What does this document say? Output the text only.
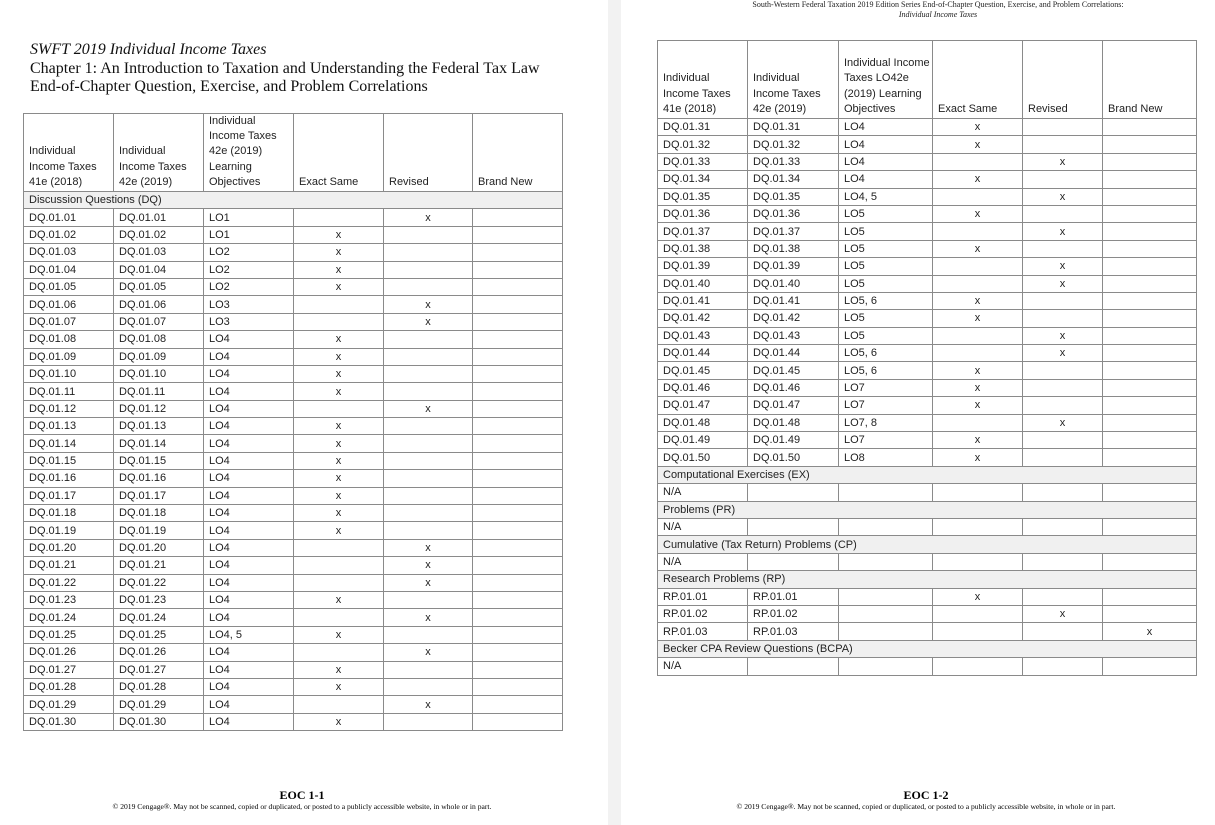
SWFT 2019 Individual Income Taxes
Chapter 1: An Introduction to Taxation and Understanding the Federal Tax Law
End-of-Chapter Question, Exercise, and Problem Correlations
Individual Income Taxes 41e (2018)	Individual Income Taxes 42e (2019)	Individual Income Taxes 42e (2019) Learning Objectives	Exact Same	Revised	Brand New
Discussion Questions (DQ)					
DQ.01.01	DQ.01.01	LO1		x	
DQ.01.02	DQ.01.02	LO1	x		
DQ.01.03	DQ.01.03	LO2	x		
DQ.01.04	DQ.01.04	LO2	x		
DQ.01.05	DQ.01.05	LO2	x		
DQ.01.06	DQ.01.06	LO3		x	
DQ.01.07	DQ.01.07	LO3		x	
DQ.01.08	DQ.01.08	LO4	x		
DQ.01.09	DQ.01.09	LO4	x		
DQ.01.10	DQ.01.10	LO4	x		
DQ.01.11	DQ.01.11	LO4	x		
DQ.01.12	DQ.01.12	LO4		x	
DQ.01.13	DQ.01.13	LO4	x		
DQ.01.14	DQ.01.14	LO4	x		
DQ.01.15	DQ.01.15	LO4	x		
DQ.01.16	DQ.01.16	LO4	x		
DQ.01.17	DQ.01.17	LO4	x		
DQ.01.18	DQ.01.18	LO4	x		
DQ.01.19	DQ.01.19	LO4	x		
DQ.01.20	DQ.01.20	LO4		x	
DQ.01.21	DQ.01.21	LO4		x	
DQ.01.22	DQ.01.22	LO4		x	
DQ.01.23	DQ.01.23	LO4	x		
DQ.01.24	DQ.01.24	LO4		x	
DQ.01.25	DQ.01.25	LO4, 5	x		
DQ.01.26	DQ.01.26	LO4		x	
DQ.01.27	DQ.01.27	LO4	x		
DQ.01.28	DQ.01.28	LO4	x		
DQ.01.29	DQ.01.29	LO4		x	
DQ.01.30	DQ.01.30	LO4	x		
EOC 1-1
© 2019 Cengage®. May not be scanned, copied or duplicated, or posted to a publicly accessible website, in whole or in part.
South-Western Federal Taxation 2019 Edition Series End-of-Chapter Question, Exercise, and Problem Correlations:
Individual Income Taxes
Individual Income Taxes 41e (2018)	Individual Income Taxes 42e (2019)	Individual Income Taxes LO42e (2019) Learning Objectives	Exact Same	Revised	Brand New
DQ.01.31	DQ.01.31	LO4	x		
DQ.01.32	DQ.01.32	LO4	x		
DQ.01.33	DQ.01.33	LO4		x	
DQ.01.34	DQ.01.34	LO4	x		
DQ.01.35	DQ.01.35	LO4, 5		x	
DQ.01.36	DQ.01.36	LO5	x		
DQ.01.37	DQ.01.37	LO5		x	
DQ.01.38	DQ.01.38	LO5	x		
DQ.01.39	DQ.01.39	LO5		x	
DQ.01.40	DQ.01.40	LO5		x	
DQ.01.41	DQ.01.41	LO5, 6	x		
DQ.01.42	DQ.01.42	LO5	x		
DQ.01.43	DQ.01.43	LO5		x	
DQ.01.44	DQ.01.44	LO5, 6		x	
DQ.01.45	DQ.01.45	LO5, 6	x		
DQ.01.46	DQ.01.46	LO7	x		
DQ.01.47	DQ.01.47	LO7	x		
DQ.01.48	DQ.01.48	LO7, 8		x	
DQ.01.49	DQ.01.49	LO7	x		
DQ.01.50	DQ.01.50	LO8	x		
Computational Exercises (EX)					
N/A					
Problems (PR)					
N/A					
Cumulative (Tax Return) Problems (CP)					
N/A					
Research Problems (RP)					
RP.01.01	RP.01.01		x		
RP.01.02	RP.01.02			x	
RP.01.03	RP.01.03				x
Becker CPA Review Questions (BCPA)					
N/A					
EOC 1-2
© 2019 Cengage®. May not be scanned, copied or duplicated, or posted to a publicly accessible website, in whole or in part.
